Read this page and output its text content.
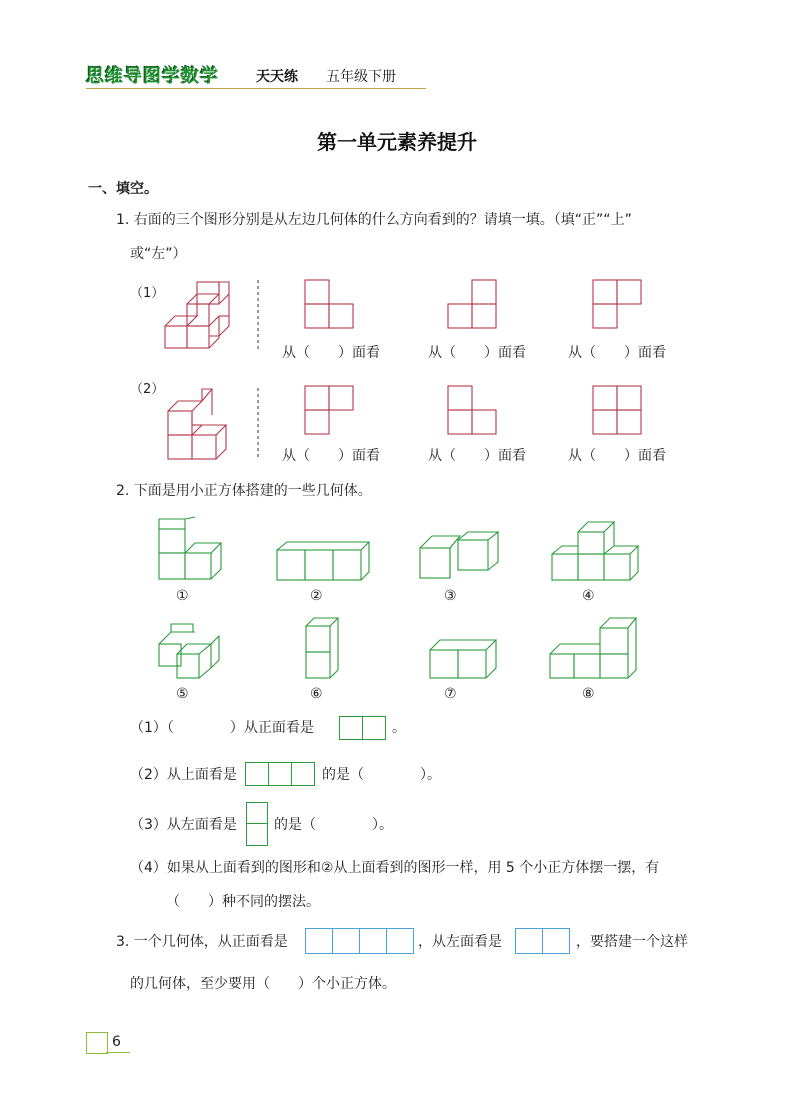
思维导图学数学	天天练 五年级下册
第一单元素养提升
一、填空。
1. 右面的三个图形分别是从左边几何体的什么方向看到的？请填一填。（填“正”“上”
或“左”）
（1）
（2）
从（　　）面看	从（　　）面看	从（　　）面看
从（　　）面看	从（　　）面看	从（　　）面看
2. 下面是用小正方体搭建的一些几何体。
①	②	③	④
⑤	⑥	⑦	⑧
（1）（　　　　）从正面看是	。
（2）从上面看是	的是（　　　　）。
（3）从左面看是	的是（　　　　）。
（4）如果从上面看到的图形和②从上面看到的图形一样，用 5 个小正方体摆一摆，有
（　　）种不同的摆法。
3. 一个几何体，从正面看是	，从左面看是	，要搭建一个这样
的几何体，至少要用（　　）个小正方体。
6
